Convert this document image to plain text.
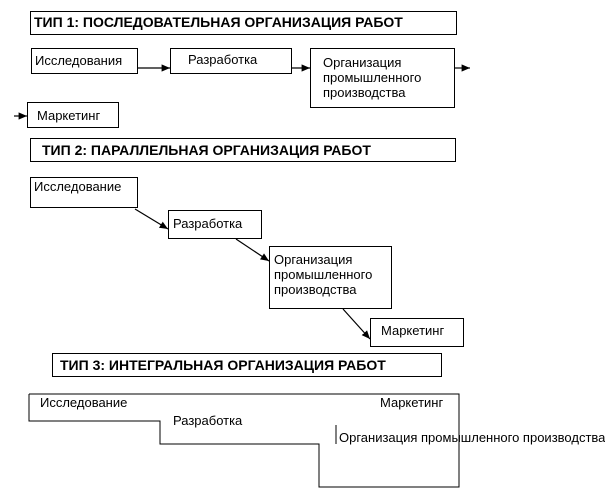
ТИП 1: ПОСЛЕДОВАТЕЛЬНАЯ ОРГАНИЗАЦИЯ РАБОТ
Исследования	Разработка	Организация
промышленного
производства
Маркетинг
ТИП 2: ПАРАЛЛЕЛЬНАЯ ОРГАНИЗАЦИЯ РАБОТ
Исследование
Разработка
Организация
промышленного
производства
Маркетинг
ТИП 3: ИНТЕГРАЛЬНАЯ ОРГАНИЗАЦИЯ РАБОТ
Исследование	Маркетинг
Разработка
Организация промышленного производства
